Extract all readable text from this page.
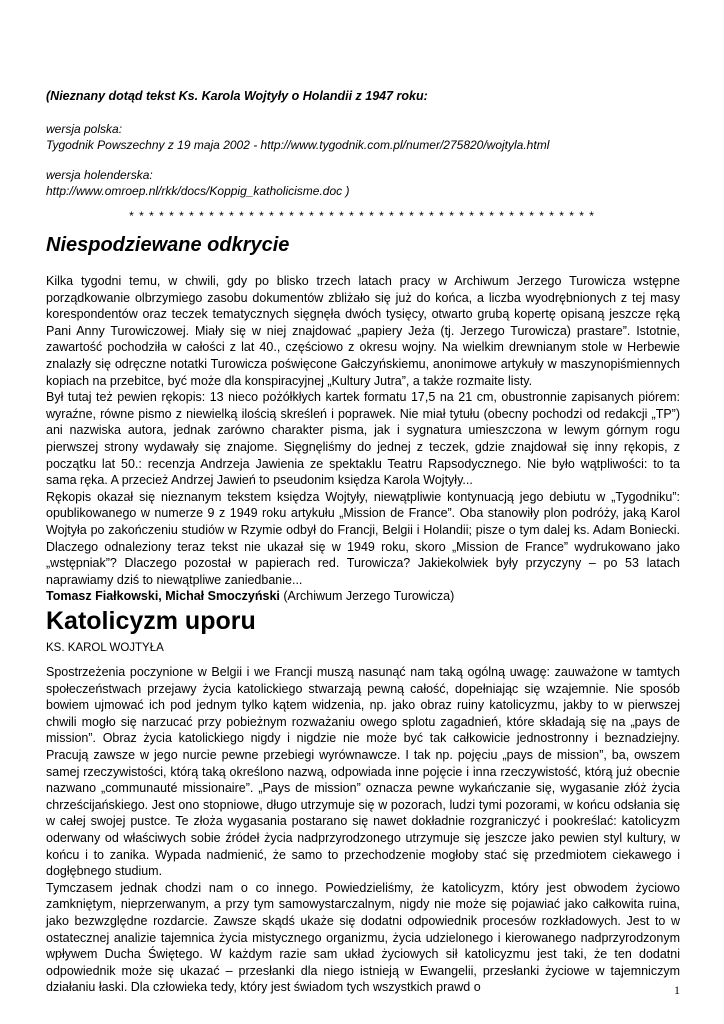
(Nieznany dotąd tekst Ks. Karola Wojtyły o Holandii z 1947 roku:
wersja polska:
Tygodnik Powszechny z 19 maja 2002 - http://www.tygodnik.com.pl/numer/275820/wojtyla.html
wersja holenderska:
http://www.omroep.nl/rkk/docs/Koppig_katholicisme.doc )
* * * * * * * * * * * * * * * * * * * * * * * * * * * * * * * * * * * * * * * * * * * * * * *
Niespodziewane odkrycie

Kilka tygodni temu, w chwili, gdy po blisko trzech latach pracy w Archiwum Jerzego Turowicza wstępne porządkowanie olbrzymiego zasobu dokumentów zbliżało się już do końca, a liczba wyodrębnionych z tej masy korespondentów oraz teczek tematycznych sięgnęła dwóch tysięcy, otwarto grubą kopertę opisaną jeszcze ręką Pani Anny Turowiczowej. Miały się w niej znajdować „papiery Jeża (tj. Jerzego Turowicza) prastare”. Istotnie, zawartość pochodziła w całości z lat 40., częściowo z okresu wojny. Na wielkim drewnianym stole w Herbewie znalazły się odręczne notatki Turowicza poświęcone Gałczyńskiemu, anonimowe artykuły w maszynopiśmiennych kopiach na przebitce, być może dla konspiracyjnej „Kultury Jutra”, a także rozmaite listy.

Był tutaj też pewien rękopis: 13 nieco pożółkłych kartek formatu 17,5 na 21 cm, obustronnie zapisanych piórem: wyraźne, równe pismo z niewielką ilością skreśleń i poprawek. Nie miał tytułu (obecny pochodzi od redakcji „TP”) ani nazwiska autora, jednak zarówno charakter pisma, jak i sygnatura umieszczona w lewym górnym rogu pierwszej strony wydawały się znajome. Sięgnęliśmy do jednej z teczek, gdzie znajdował się inny rękopis, z początku lat 50.: recenzja Andrzeja Jawienia ze spektaklu Teatru Rapsodycznego. Nie było wątpliwości: to ta sama ręka. A przecież Andrzej Jawień to pseudonim księdza Karola Wojtyły...

Rękopis okazał się nieznanym tekstem księdza Wojtyły, niewątpliwie kontynuacją jego debiutu w „Tygodniku”: opublikowanego w numerze 9 z 1949 roku artykułu „Mission de France”. Oba stanowiły plon podróży, jaką Karol Wojtyła po zakończeniu studiów w Rzymie odbył do Francji, Belgii i Holandii; pisze o tym dalej ks. Adam Boniecki. Dlaczego odnaleziony teraz tekst nie ukazał się w 1949 roku, skoro „Mission de France” wydrukowano jako „wstępniak”? Dlaczego pozostał w papierach red. Turowicza? Jakiekolwiek były przyczyny – po 53 latach naprawiamy dziś to niewątpliwe zaniedbanie...

Tomasz Fiałkowski, Michał Smoczyński (Archiwum Jerzego Turowicza)

Katolicyzm uporu
KS. KAROL WOJTYŁA

Spostrzeżenia poczynione w Belgii i we Francji muszą nasunąć nam taką ogólną uwagę: zauważone w tamtych społeczeństwach przejawy życia katolickiego stwarzają pewną całość, dopełniając się wzajemnie. Nie sposób bowiem ujmować ich pod jednym tylko kątem widzenia, np. jako obraz ruiny katolicyzmu, jakby to w pierwszej chwili mogło się narzucać przy pobieżnym rozważaniu owego splotu zagadnień, które składają się na „pays de mission”. Obraz życia katolickiego nigdy i nigdzie nie może być tak całkowicie jednostronny i beznadziejny. Pracują zawsze w jego nurcie pewne przebiegi wyrównawcze. I tak np. pojęciu „pays de mission”, ba, owszem samej rzeczywistości, którą taką określono nazwą, odpowiada inne pojęcie i inna rzeczywistość, którą już obecnie nazwano „communauté missionaire”. „Pays de mission” oznacza pewne wykańczanie się, wygasanie złóż życia chrześcijańskiego. Jest ono stopniowe, długo utrzymuje się w pozorach, ludzi tymi pozorami, w końcu odsłania się w całej swojej pustce. Te złoża wygasania postarano się nawet dokładnie rozgraniczyć i pookreślać: katolicyzm oderwany od właściwych sobie źródeł życia nadprzyrodzonego utrzymuje się jeszcze jako pewien styl kultury, w końcu i to zanika. Wypada nadmienić, że samo to przechodzenie mogłoby stać się przedmiotem ciekawego i dogłębnego studium.

Tymczasem jednak chodzi nam o co innego. Powiedzieliśmy, że katolicyzm, który jest obwodem życiowo zamkniętym, nieprzerwanym, a przy tym samowystarczalnym, nigdy nie może się pojawiać jako całkowita ruina, jako bezwzględne rozdarcie. Zawsze skądś ukaże się dodatni odpowiednik procesów rozkładowych. Jest to w ostatecznej analizie tajemnica życia mistycznego organizmu, życia udzielonego i kierowanego nadprzyrodzonym wpływem Ducha Świętego. W każdym razie sam układ życiowych sił katolicyzmu jest taki, że ten dodatni odpowiednik może się ukazać – przesłanki dla niego istnieją w Ewangelii, przesłanki życiowe w tajemniczym działaniu łaski. Dla człowieka tedy, który jest świadom tych wszystkich prawd o	1
